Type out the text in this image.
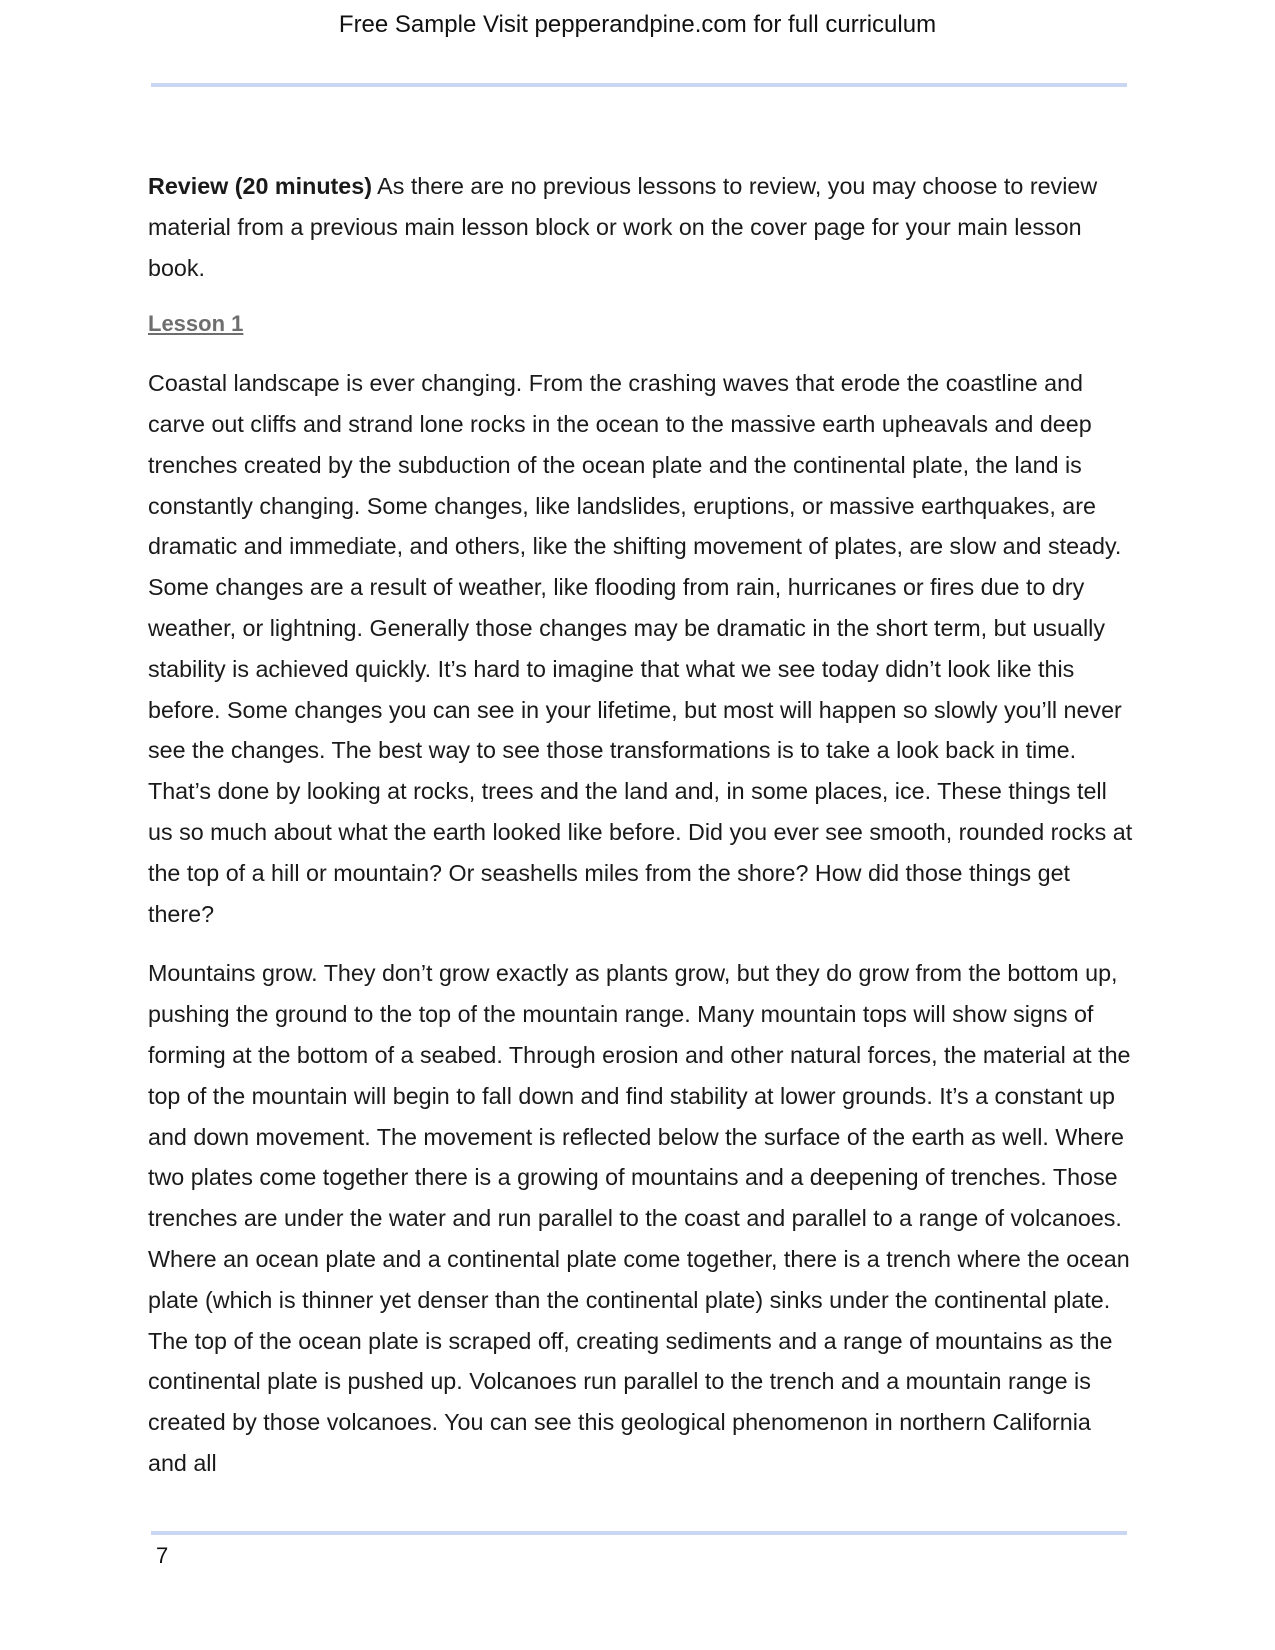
Free Sample Visit pepperandpine.com for full curriculum

Review (20 minutes) As there are no previous lessons to review, you may choose to review material from a previous main lesson block or work on the cover page for your main lesson book.

Lesson 1

Coastal landscape is ever changing. From the crashing waves that erode the coastline and carve out cliffs and strand lone rocks in the ocean to the massive earth upheavals and deep trenches created by the subduction of the ocean plate and the continental plate, the land is constantly changing. Some changes, like landslides, eruptions, or massive earthquakes, are dramatic and immediate, and others, like the shifting movement of plates, are slow and steady. Some changes are a result of weather, like flooding from rain, hurricanes or fires due to dry weather, or lightning. Generally those changes may be dramatic in the short term, but usually stability is achieved quickly. It’s hard to imagine that what we see today didn’t look like this before. Some changes you can see in your lifetime, but most will happen so slowly you’ll never see the changes. The best way to see those transformations is to take a look back in time. That’s done by looking at rocks, trees and the land and, in some places, ice. These things tell us so much about what the earth looked like before. Did you ever see smooth, rounded rocks at the top of a hill or mountain? Or seashells miles from the shore? How did those things get there?

Mountains grow. They don’t grow exactly as plants grow, but they do grow from the bottom up, pushing the ground to the top of the mountain range. Many mountain tops will show signs of forming at the bottom of a seabed. Through erosion and other natural forces, the material at the top of the mountain will begin to fall down and find stability at lower grounds. It’s a constant up and down movement. The movement is reflected below the surface of the earth as well. Where two plates come together there is a growing of mountains and a deepening of trenches. Those trenches are under the water and run parallel to the coast and parallel to a range of volcanoes. Where an ocean plate and a continental plate come together, there is a trench where the ocean plate (which is thinner yet denser than the continental plate) sinks under the continental plate. The top of the ocean plate is scraped off, creating sediments and a range of mountains as the continental plate is pushed up. Volcanoes run parallel to the trench and a mountain range is created by those volcanoes. You can see this geological phenomenon in northern California and all

7
